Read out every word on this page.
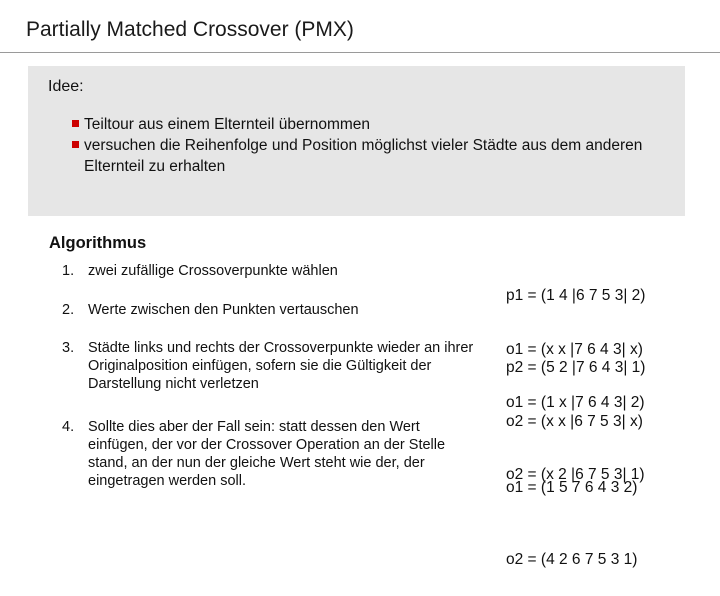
Partially Matched Crossover (PMX)
Idee:
Teiltour aus einem Elternteil übernommen
versuchen die Reihenfolge und Position möglichst vieler Städte aus dem anderen Elternteil zu erhalten
Algorithmus
1. zwei zufällige Crossoverpunkte wählen
2. Werte zwischen den Punkten vertauschen
3. Städte links und rechts der Crossoverpunkte wieder an ihrer Originalposition einfügen, sofern sie die Gültigkeit der Darstellung nicht verletzen
4. Sollte dies aber der Fall sein: statt dessen den Wert einfügen, der vor der Crossover Operation an der Stelle stand, an der nun der gleiche Wert steht wie der, der eingetragen werden soll.

p1 = (1 4 |6 7 5 3| 2)

p2 = (5 2 |7 6 4 3| 1)

o1 = (x x |7 6 4 3| x)

o2 = (x x |6 7 5 3| x)

o1 = (1 x |7 6 4 3| 2)

o2 = (x 2 |6 7 5 3| 1)

o1 = (1 5 7 6 4 3 2)

o2 = (4 2 6 7 5 3 1)
